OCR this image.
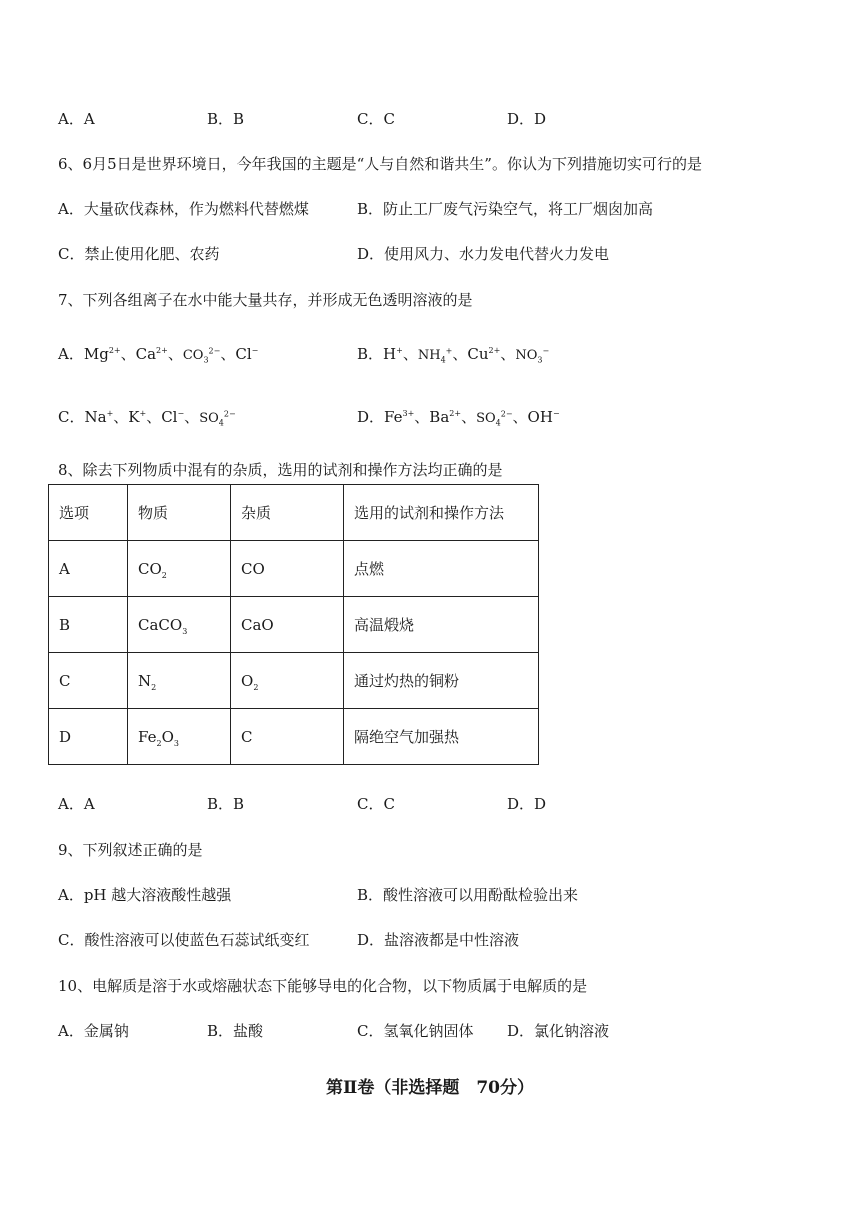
A．A	B．B	C．C	D．D
6、6月5日是世界环境日，今年我国的主题是“人与自然和谐共生”。你认为下列措施切实可行的是
A．大量砍伐森林，作为燃料代替燃煤	B．防止工厂废气污染空气，将工厂烟囱加高
C．禁止使用化肥、农药	D．使用风力、水力发电代替火力发电
7、下列各组离子在水中能大量共存，并形成无色透明溶液的是
A．$Mg^{2+}$、$Ca^{2+}$、$CO_3^{2-}$、Cl−	B．H+、$NH_4^+$、$Cu^{2+}$、$NO_3^-$
C．Na+、K+、Cl−、$SO_4^{2-}$	D．$Fe^{3+}$、$Ba^{2+}$、$SO_4^{2-}$、OH−
8、除去下列物质中混有的杂质，选用的试剂和操作方法均正确的是
选项	物质	杂质	选用的试剂和操作方法
A	$CO_2$	CO	点燃
B	CaCO$_3$	CaO	高温煅烧
C	$N_2$	$O_2$	通过灼热的铜粉
D	$Fe_2O_3$	C	隔绝空气加强热
A．A	B．B	C．C	D．D
9、下列叙述正确的是
A．pH 越大溶液酸性越强	B．酸性溶液可以用酚酞检验出来
C．酸性溶液可以使蓝色石蕊试纸变红	D．盐溶液都是中性溶液
10、电解质是溶于水或熔融状态下能够导电的化合物，以下物质属于电解质的是
A．金属钠	B．盐酸	C．氢氧化钠固体 D．氯化钠溶液
第Ⅱ卷（非选择题　70分）
